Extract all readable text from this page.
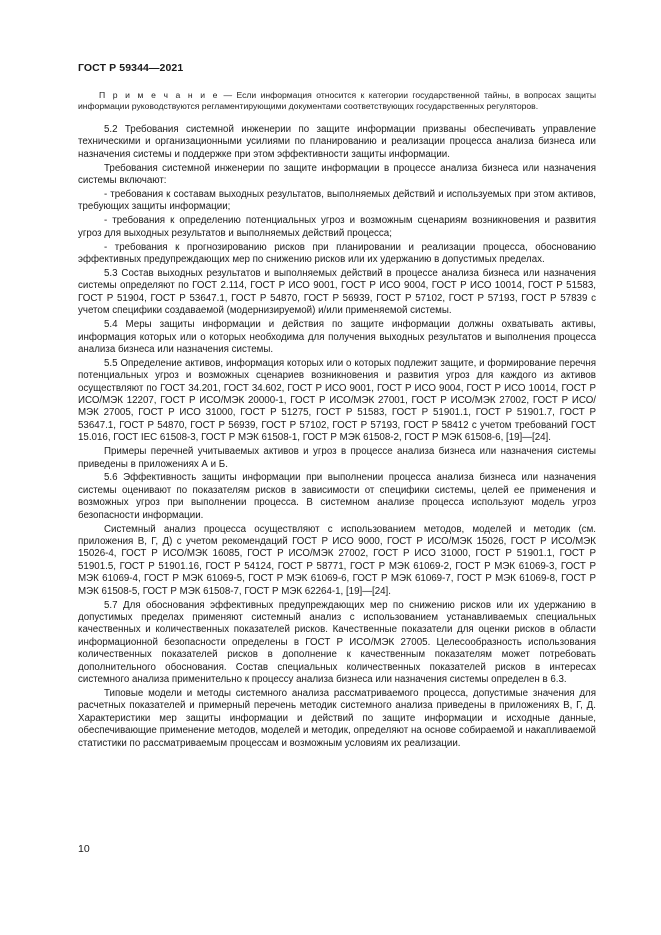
ГОСТ Р 59344—2021

П р и м е ч а н и е — Если информация относится к категории государственной тайны, в вопросах защиты информации руководствуются регламентирующими документами соответствующих государственных регуляторов.

5.2 Требования системной инженерии по защите информации призваны обеспечивать управление техническими и организационными усилиями по планированию и реализации процесса анализа бизнеса или назначения системы и поддержке при этом эффективности защиты информации.

Требования системной инженерии по защите информации в процессе анализа бизнеса или назначения системы включают:

- требования к составам выходных результатов, выполняемых действий и используемых при этом активов, требующих защиты информации;

- требования к определению потенциальных угроз и возможным сценариям возникновения и развития угроз для выходных результатов и выполняемых действий процесса;

- требования к прогнозированию рисков при планировании и реализации процесса, обоснованию эффективных предупреждающих мер по снижению рисков или их удержанию в допустимых пределах.

5.3 Состав выходных результатов и выполняемых действий в процессе анализа бизнеса или назначения системы определяют по ГОСТ 2.114, ГОСТ Р ИСО 9001, ГОСТ Р ИСО 9004, ГОСТ Р ИСО 10014, ГОСТ Р 51583, ГОСТ Р 51904, ГОСТ Р 53647.1, ГОСТ Р 54870, ГОСТ Р 56939, ГОСТ Р 57102, ГОСТ Р 57193, ГОСТ Р 57839 с учетом специфики создаваемой (модернизируемой) и/или применяемой системы.

5.4 Меры защиты информации и действия по защите информации должны охватывать активы, информация которых или о которых необходима для получения выходных результатов и выполнения процесса анализа бизнеса или назначения системы.

5.5 Определение активов, информация которых или о которых подлежит защите, и формирование перечня потенциальных угроз и возможных сценариев возникновения и развития угроз для каждого из активов осуществляют по ГОСТ 34.201, ГОСТ 34.602, ГОСТ Р ИСО 9001, ГОСТ Р ИСО 9004, ГОСТ Р ИСО 10014, ГОСТ Р ИСО/МЭК 12207, ГОСТ Р ИСО/МЭК 20000-1, ГОСТ Р ИСО/МЭК 27001, ГОСТ Р ИСО/МЭК 27002, ГОСТ Р ИСО/МЭК 27005, ГОСТ Р ИСО 31000, ГОСТ Р 51275, ГОСТ Р 51583, ГОСТ Р 51901.1, ГОСТ Р 51901.7, ГОСТ Р 53647.1, ГОСТ Р 54870, ГОСТ Р 56939, ГОСТ Р 57102, ГОСТ Р 57193, ГОСТ Р 58412 с учетом требований ГОСТ 15.016, ГОСТ IEC 61508-3, ГОСТ Р МЭК 61508-1, ГОСТ Р МЭК 61508-2, ГОСТ Р МЭК 61508-6, [19]—[24].

Примеры перечней учитываемых активов и угроз в процессе анализа бизнеса или назначения системы приведены в приложениях А и Б.

5.6 Эффективность защиты информации при выполнении процесса анализа бизнеса или назначения системы оценивают по показателям рисков в зависимости от специфики системы, целей ее применения и возможных угроз при выполнении процесса. В системном анализе процесса используют модель угроз безопасности информации.

Системный анализ процесса осуществляют с использованием методов, моделей и методик (см. приложения В, Г, Д) с учетом рекомендаций ГОСТ Р ИСО 9000, ГОСТ Р ИСО/МЭК 15026, ГОСТ Р ИСО/МЭК 15026-4, ГОСТ Р ИСО/МЭК 16085, ГОСТ Р ИСО/МЭК 27002, ГОСТ Р ИСО 31000, ГОСТ Р 51901.1, ГОСТ Р 51901.5, ГОСТ Р 51901.16, ГОСТ Р 54124, ГОСТ Р 58771, ГОСТ Р МЭК 61069-2, ГОСТ Р МЭК 61069-3, ГОСТ Р МЭК 61069-4, ГОСТ Р МЭК 61069-5, ГОСТ Р МЭК 61069-6, ГОСТ Р МЭК 61069-7, ГОСТ Р МЭК 61069-8, ГОСТ Р МЭК 61508-5, ГОСТ Р МЭК 61508-7, ГОСТ Р МЭК 62264-1, [19]—[24].

5.7 Для обоснования эффективных предупреждающих мер по снижению рисков или их удержанию в допустимых пределах применяют системный анализ с использованием устанавливаемых специальных качественных и количественных показателей рисков. Качественные показатели для оценки рисков в области информационной безопасности определены в ГОСТ Р ИСО/МЭК 27005. Целесообразность использования количественных показателей рисков в дополнение к качественным показателям может потребовать дополнительного обоснования. Состав специальных количественных показателей рисков в интересах системного анализа применительно к процессу анализа бизнеса или назначения системы определен в 6.3.

Типовые модели и методы системного анализа рассматриваемого процесса, допустимые значения для расчетных показателей и примерный перечень методик системного анализа приведены в приложениях В, Г, Д. Характеристики мер защиты информации и действий по защите информации и исходные данные, обеспечивающие применение методов, моделей и методик, определяют на основе собираемой и накапливаемой статистики по рассматриваемым процессам и возможным условиям их реализации.

10
